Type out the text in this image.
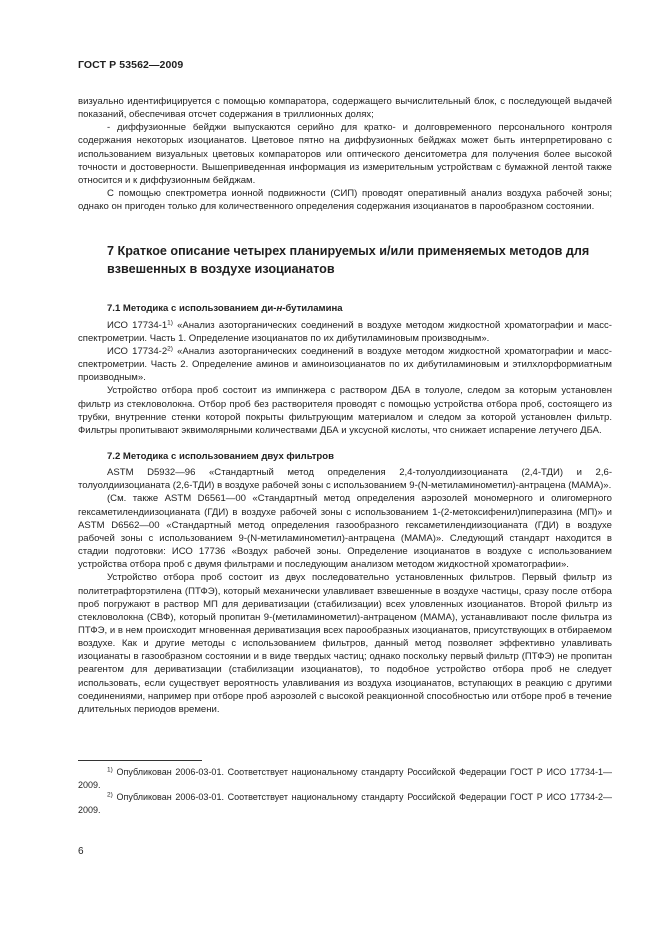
ГОСТ Р 53562—2009

визуально идентифицируется с помощью компаратора, содержащего вычислительный блок, с последующей выдачей показаний, обеспечивая отсчет содержания в триллионных долях;

- диффузионные бейджи выпускаются серийно для кратко- и долговременного персонального контроля содержания некоторых изоцианатов. Цветовое пятно на диффузионных бейджах может быть интерпретировано с использованием визуальных цветовых компараторов или оптического денситометра для получения более высокой точности и достоверности. Вышеприведенная информация из измерительным устройствам с бумажной лентой также относится и к диффузионным бейджам.

С помощью спектрометра ионной подвижности (СИП) проводят оперативный анализ воздуха рабочей зоны; однако он пригоден только для количественного определения содержания изоцианатов в парообразном состоянии.

7 Краткое описание четырех планируемых и/или применяемых методов для взвешенных в воздухе изоцианатов
7.1 Методика с использованием ди-н-бутиламина

ИСО 17734-1$^{1)}$ «Анализ азоторганических соединений в воздухе методом жидкостной хроматографии и масс-спектрометрии. Часть 1. Определение изоцианатов по их дибутиламиновым производным».

ИСО 17734-2$^{2)}$ «Анализ азоторганических соединений в воздухе методом жидкостной хроматографии и масс-спектрометрии. Часть 2. Определение аминов и аминоизоцианатов по их дибутиламиновым и этилхлорформиатным производным».

Устройство отбора проб состоит из импинжера с раствором ДБА в толуоле, следом за которым установлен фильтр из стекловолокна. Отбор проб без растворителя проводят с помощью устройства отбора проб, состоящего из трубки, внутренние стенки которой покрыты фильтрующим материалом и следом за которой установлен фильтр. Фильтры пропитывают эквимолярными количествами ДБА и уксусной кислоты, что снижает испарение летучего ДБА.

7.2 Методика с использованием двух фильтров

ASTM D5932—96 «Стандартный метод определения 2,4-толуолдиизоцианата (2,4-ТДИ) и 2,6-толуолдиизоцианата (2,6-ТДИ) в воздухе рабочей зоны с использованием 9-(N-метиламинометил)-антрацена (МАМА)».

(См. также ASTM D6561—00 «Стандартный метод определения аэрозолей мономерного и олигомерного гексаметилендиизоцианата (ГДИ) в воздухе рабочей зоны с использованием 1-(2-метоксифенил)пиперазина (МП)» и ASTM D6562—00 «Стандартный метод определения газообразного гексаметилендиизоцианата (ГДИ) в воздухе рабочей зоны с использованием 9-(N-метиламинометил)-антрацена (МАМА)». Следующий стандарт находится в стадии подготовки: ИСО 17736 «Воздух рабочей зоны. Определение изоцианатов в воздухе с использованием устройства отбора проб с двумя фильтрами и последующим анализом методом жидкостной хроматографии».

Устройство отбора проб состоит из двух последовательно установленных фильтров. Первый фильтр из политетрафторэтилена (ПТФЭ), который механически улавливает взвешенные в воздухе частицы, сразу после отбора проб погружают в раствор МП для дериватизации (стабилизации) всех уловленных изоцианатов. Второй фильтр из стекловолокна (СВФ), который пропитан 9-(метиламинометил)-антраценом (МАМА), устанавливают после фильтра из ПТФЭ, и в нем происходит мгновенная дериватизация всех парообразных изоцианатов, присутствующих в отбираемом воздухе. Как и другие методы с использованием фильтров, данный метод позволяет эффективно улавливать изоцианаты в газообразном состоянии и в виде твердых частиц; однако поскольку первый фильтр (ПТФЭ) не пропитан реагентом для дериватизации (стабилизации изоцианатов), то подобное устройство отбора проб не следует использовать, если существует вероятность улавливания из воздуха изоцианатов, вступающих в реакцию с другими соединениями, например при отборе проб аэрозолей с высокой реакционной способностью или отборе проб в течение длительных периодов времени.

$^{1)}$ Опубликован 2006-03-01. Соответствует национальному стандарту Российской Федерации ГОСТ Р ИСО 17734-1—2009.

$^{2)}$ Опубликован 2006-03-01. Соответствует национальному стандарту Российской Федерации ГОСТ Р ИСО 17734-2—2009.

6
